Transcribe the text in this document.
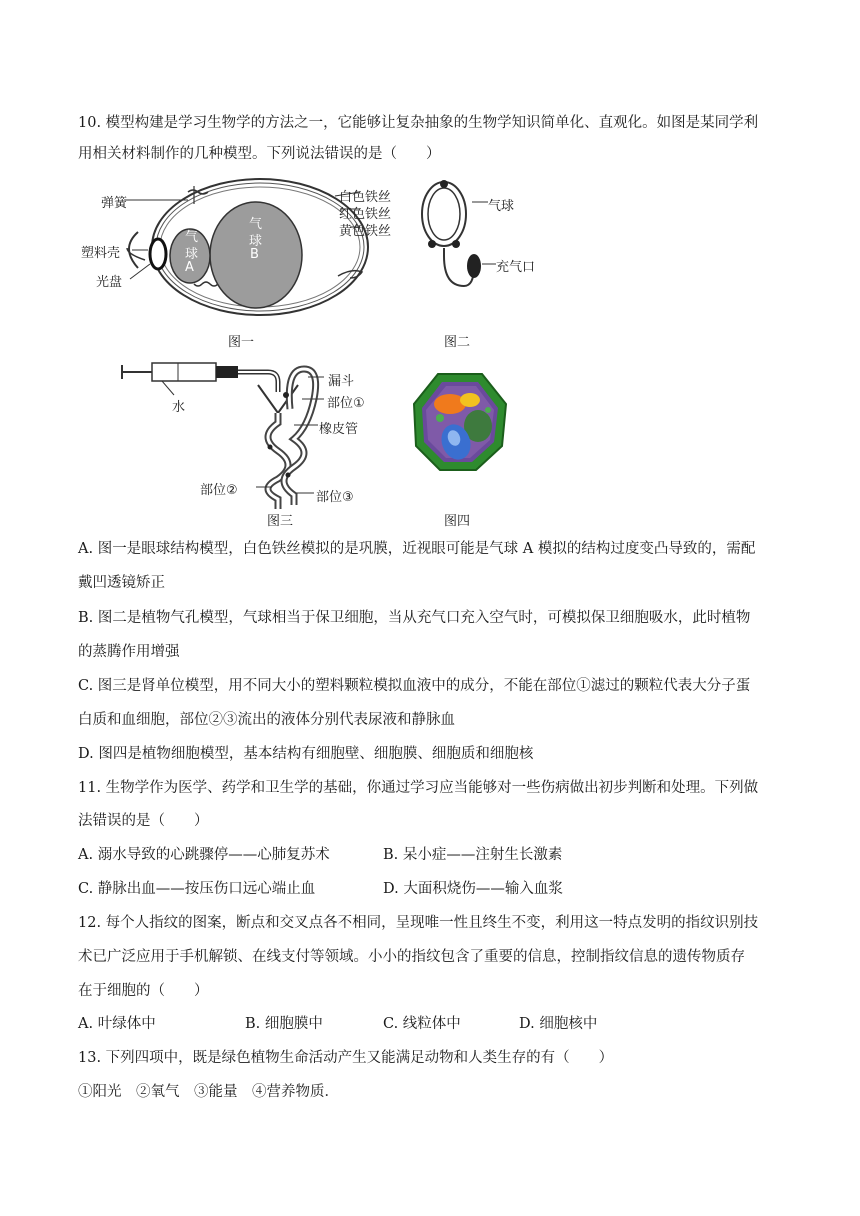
10. 模型构建是学习生物学的方法之一，它能够让复杂抽象的生物学知识简单化、直观化。如图是某同学利
用相关材料制作的几种模型。下列说法错误的是（　　）
弹簧
塑料壳
光盘
白色铁丝
红色铁丝
黄色铁丝
气
球
A
气
球
B
图一
气球
充气口
图二
水
漏斗
部位①
橡皮管
部位②	部位③
图三	图四
A. 图一是眼球结构模型，白色铁丝模拟的是巩膜，近视眼可能是气球 A 模拟的结构过度变凸导致的，需配
戴凹透镜矫正
B. 图二是植物气孔模型，气球相当于保卫细胞，当从充气口充入空气时，可模拟保卫细胞吸水，此时植物
的蒸腾作用增强
C. 图三是肾单位模型，用不同大小的塑料颗粒模拟血液中的成分，不能在部位①滤过的颗粒代表大分子蛋
白质和血细胞，部位②③流出的液体分别代表尿液和静脉血
D. 图四是植物细胞模型，基本结构有细胞壁、细胞膜、细胞质和细胞核
11. 生物学作为医学、药学和卫生学的基础，你通过学习应当能够对一些伤病做出初步判断和处理。下列做
法错误的是（　　）
A. 溺水导致的心跳骤停——心肺复苏术	B. 呆小症——注射生长激素
C. 静脉出血——按压伤口远心端止血	D. 大面积烧伤——输入血浆
12. 每个人指纹的图案，断点和交叉点各不相同，呈现唯一性且终生不变，利用这一特点发明的指纹识别技
术已广泛应用于手机解锁、在线支付等领域。小小的指纹包含了重要的信息，控制指纹信息的遗传物质存
在于细胞的（　　）
A. 叶绿体中	B. 细胞膜中	C. 线粒体中	D. 细胞核中
13. 下列四项中，既是绿色植物生命活动产生又能满足动物和人类生存的有（　　）
①阳光　②氧气　③能量　④营养物质．
